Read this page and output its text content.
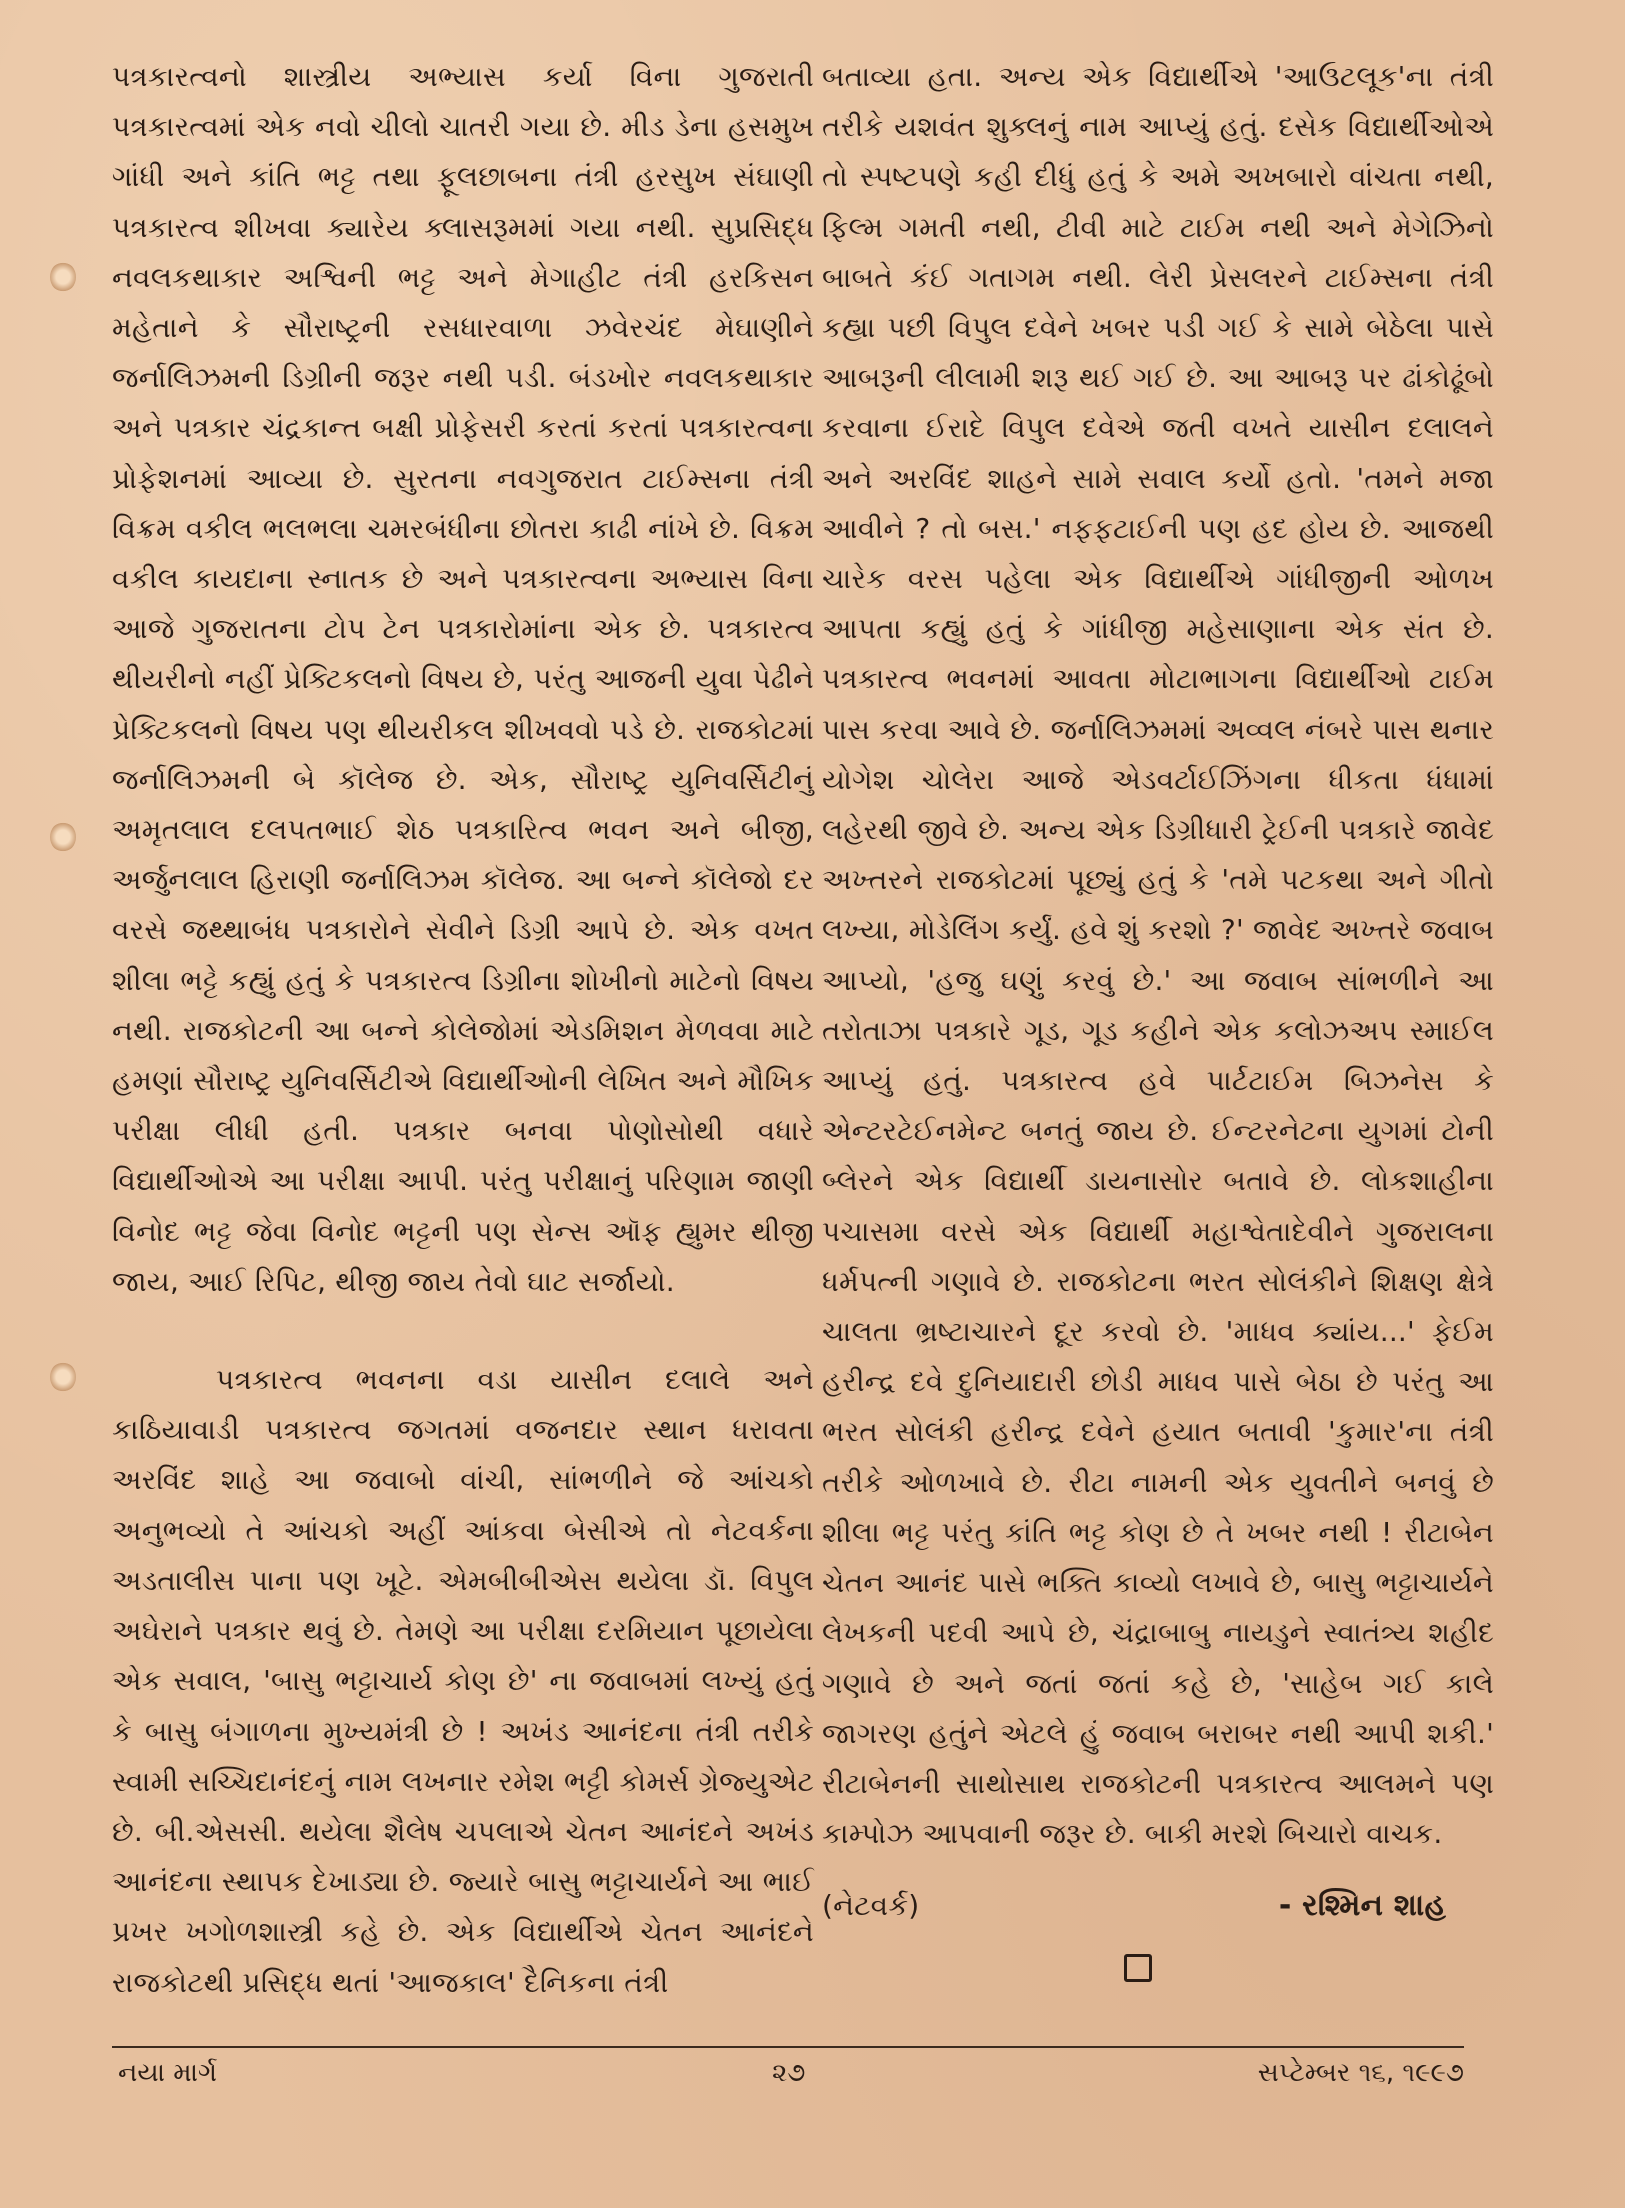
પત્રકારત્વનો શાસ્ત્રીય અભ્યાસ કર્યા વિના ગુજરાતી પત્રકારત્વમાં એક નવો ચીલો ચાતરી ગયા છે. મીડ ડેના હસમુખ ગાંધી અને કાંતિ ભટ્ટ તથા ફૂલછાબના તંત્રી હરસુખ સંઘાણી પત્રકારત્વ શીખવા ક્યારેય ક્લાસરૂમમાં ગયા નથી. સુપ્રસિદ્ધ નવલકથાકાર અશ્વિની ભટ્ટ અને મેગાહીટ તંત્રી હરકિસન મહેતાને કે સૌરાષ્ટ્રની રસધારવાળા ઝવેરચંદ મેઘાણીને જર્નાલિઝમની ડિગ્રીની જરૂર નથી પડી. બંડખોર નવલકથાકાર અને પત્રકાર ચંદ્રકાન્ત બક્ષી પ્રોફેસરી કરતાં કરતાં પત્રકારત્વના પ્રોફેશનમાં આવ્યા છે. સુરતના નવગુજરાત ટાઈમ્સના તંત્રી વિક્રમ વકીલ ભલભલા ચમરબંધીના છોતરા કાઢી નાંખે છે. વિક્રમ વકીલ કાયદાના સ્નાતક છે અને પત્રકારત્વના અભ્યાસ વિના આજે ગુજરાતના ટોપ ટેન પત્રકારોમાંના એક છે. પત્રકારત્વ થીયરીનો નહીં પ્રેક્ટિકલનો વિષય છે, પરંતુ આજની યુવા પેઢીને પ્રેક્ટિકલનો વિષય પણ થીયરીકલ શીખવવો પડે છે. રાજકોટમાં જર્નાલિઝમની બે કૉલેજ છે. એક, સૌરાષ્ટ્ર યુનિવર્સિટીનું અમૃતલાલ દલપતભાઈ શેઠ પત્રકારિત્વ ભવન અને બીજી, અર્જુનલાલ હિરાણી જર્નાલિઝમ કૉલેજ. આ બન્ને કૉલેજો દર વરસે જથ્થાબંધ પત્રકારોને સેવીને ડિગ્રી આપે છે. એક વખત શીલા ભટ્ટે કહ્યું હતું કે પત્રકારત્વ ડિગ્રીના શોખીનો માટેનો વિષય નથી. રાજકોટની આ બન્ને કોલેજોમાં એડમિશન મેળવવા માટે હમણાં સૌરાષ્ટ્ર યુનિવર્સિટીએ વિદ્યાર્થીઓની લેખિત અને મૌખિક પરીક્ષા લીધી હતી. પત્રકાર બનવા પોણોસોથી વધારે વિદ્યાર્થીઓએ આ પરીક્ષા આપી. પરંતુ પરીક્ષાનું પરિણામ જાણી વિનોદ ભટ્ટ જેવા વિનોદ ભટ્ટની પણ સેન્સ ઑફ હ્યુમર થીજી જાય, આઈ રિપિટ, થીજી જાય તેવો ઘાટ સર્જાયો.

પત્રકારત્વ ભવનના વડા યાસીન દલાલે અને કાઠિયાવાડી પત્રકારત્વ જગતમાં વજનદાર સ્થાન ધરાવતા અરવિંદ શાહે આ જવાબો વાંચી, સાંભળીને જે આંચકો અનુભવ્યો તે આંચકો અહીં આંકવા બેસીએ તો નેટવર્કના અડતાલીસ પાના પણ ખૂટે. એમબીબીએસ થયેલા ડૉ. વિપુલ અઘેરાને પત્રકાર થવું છે. તેમણે આ પરીક્ષા દરમિયાન પૂછાયેલા એક સવાલ, 'બાસુ ભટ્ટાચાર્ય કોણ છે' ના જવાબમાં લખ્યું હતું કે બાસુ બંગાળના મુખ્યમંત્રી છે ! અખંડ આનંદના તંત્રી તરીકે સ્વામી સચ્ચિદાનંદનું નામ લખનાર રમેશ ભટ્ટી કોમર્સ ગ્રેજ્યુએટ છે. બી.એસસી. થયેલા શૈલેષ ચપલાએ ચેતન આનંદને અખંડ આનંદના સ્થાપક દેખાડ્યા છે. જ્યારે બાસુ ભટ્ટાચાર્યને આ ભાઈ પ્રખર ખગોળશાસ્ત્રી કહે છે. એક વિદ્યાર્થીએ ચેતન આનંદને રાજકોટથી પ્રસિદ્ધ થતાં 'આજકાલ' દૈનિકના તંત્રી

બતાવ્યા હતા. અન્ય એક વિદ્યાર્થીએ 'આઉટલૂક'ના તંત્રી તરીકે યશવંત શુક્લનું નામ આપ્યું હતું. દસેક વિદ્યાર્થીઓએ તો સ્પષ્ટપણે કહી દીધું હતું કે અમે અખબારો વાંચતા નથી, ફિલ્મ ગમતી નથી, ટીવી માટે ટાઈમ નથી અને મેગેઝિનો બાબતે કંઈ ગતાગમ નથી. લેરી પ્રેસલરને ટાઈમ્સના તંત્રી કહ્યા પછી વિપુલ દવેને ખબર પડી ગઈ કે સામે બેઠેલા પાસે આબરૂની લીલામી શરૂ થઈ ગઈ છે. આ આબરૂ પર ઢાંકોઢૂંબો કરવાના ઈરાદે વિપુલ દવેએ જતી વખતે યાસીન દલાલને અને અરવિંદ શાહને સામે સવાલ કર્યો હતો. 'તમને મજા આવીને ? તો બસ.' નફફટાઈની પણ હદ હોય છે. આજથી ચારેક વરસ પહેલા એક વિદ્યાર્થીએ ગાંધીજીની ઓળખ આપતા કહ્યું હતું કે ગાંધીજી મહેસાણાના એક સંત છે. પત્રકારત્વ ભવનમાં આવતા મોટાભાગના વિદ્યાર્થીઓ ટાઈમ પાસ કરવા આવે છે. જર્નાલિઝમમાં અવ્વલ નંબરે પાસ થનાર યોગેશ ચોલેરા આજે એડવર્ટાઈઝિંગના ધીકતા ધંધામાં લહેરથી જીવે છે. અન્ય એક ડિગ્રીધારી ટ્રેઈની પત્રકારે જાવેદ અખ્તરને રાજકોટમાં પૂછ્યું હતું કે 'તમે પટકથા અને ગીતો લખ્યા, મોડેલિંગ કર્યું. હવે શું કરશો ?' જાવેદ અખ્તરે જવાબ આપ્યો, 'હજુ ઘણું કરવું છે.' આ જવાબ સાંભળીને આ તરોતાઝા પત્રકારે ગૂડ, ગૂડ કહીને એક કલોઝઅપ સ્માઈલ આપ્યું હતું. પત્રકારત્વ હવે પાર્ટટાઈમ બિઝનેસ કે એન્ટરટેઈનમેન્ટ બનતું જાય છે. ઈન્ટરનેટના યુગમાં ટોની બ્લેરને એક વિદ્યાર્થી ડાયનાસોર બતાવે છે. લોકશાહીના પચાસમા વરસે એક વિદ્યાર્થી મહાશ્વેતાદેવીને ગુજરાલના ધર્મપત્ની ગણાવે છે. રાજકોટના ભરત સોલંકીને શિક્ષણ ક્ષેત્રે ચાલતા ભ્રષ્ટાચારને દૂર કરવો છે. 'માધવ ક્યાંય...' ફેઈમ હરીન્દ્ર દવે દુનિયાદારી છોડી માધવ પાસે બેઠા છે પરંતુ આ ભરત સોલંકી હરીન્દ્ર દવેને હયાત બતાવી 'કુમાર'ના તંત્રી તરીકે ઓળખાવે છે. રીટા નામની એક યુવતીને બનવું છે શીલા ભટ્ટ પરંતુ કાંતિ ભટ્ટ કોણ છે તે ખબર નથી ! રીટાબેન ચેતન આનંદ પાસે ભક્તિ કાવ્યો લખાવે છે, બાસુ ભટ્ટાચાર્યને લેખકની પદવી આપે છે, ચંદ્રાબાબુ નાયડુને સ્વાતંત્ર્ય શહીદ ગણાવે છે અને જતાં જતાં કહે છે, 'સાહેબ ગઈ કાલે જાગરણ હતુંને એટલે હું જવાબ બરાબર નથી આપી શકી.' રીટાબેનની સાથોસાથ રાજકોટની પત્રકારત્વ આલમને પણ કામ્પોઝ આપવાની જરૂર છે. બાકી મરશે બિચારો વાચક.

(નેટવર્ક)	- રશ્મિન શાહ
નયા માર્ગ	૨૭	સપ્ટેમ્બર ૧૬, ૧૯૯૭
